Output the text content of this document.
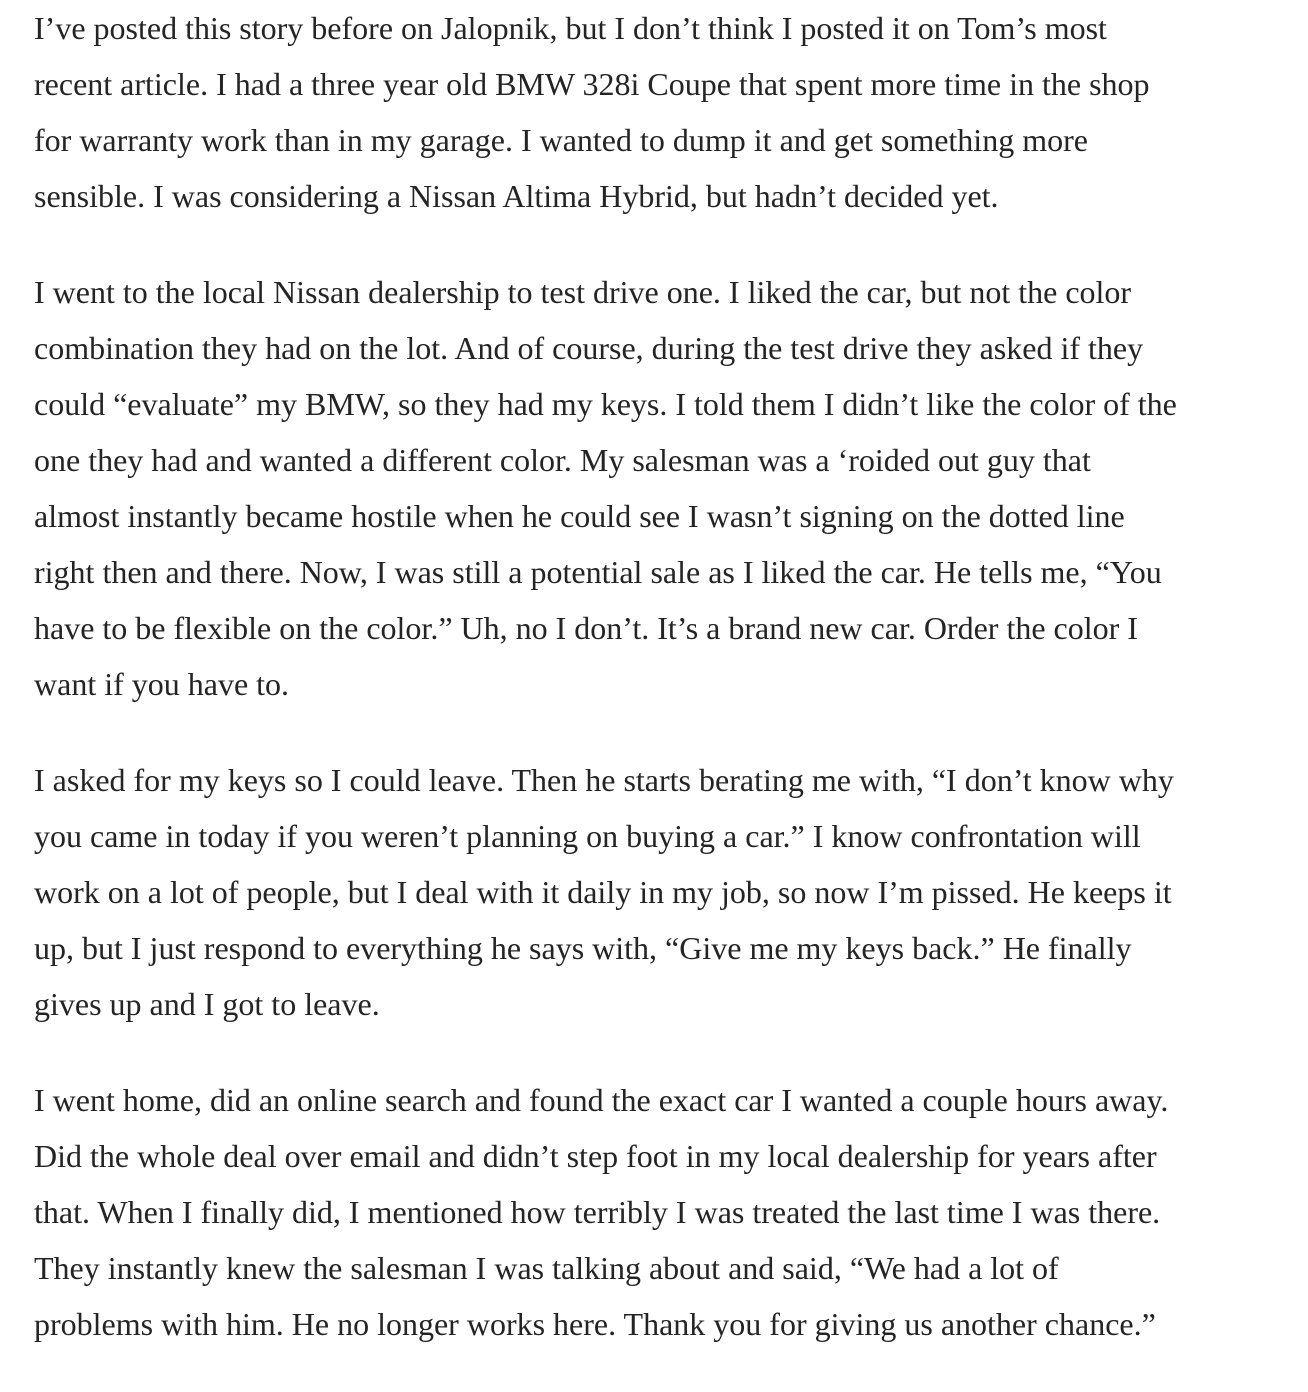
I’ve posted this story before on Jalopnik, but I don’t think I posted it on Tom’s most
recent article. I had a three year old BMW 328i Coupe that spent more time in the shop
for warranty work than in my garage. I wanted to dump it and get something more
sensible. I was considering a Nissan Altima Hybrid, but hadn’t decided yet.

I went to the local Nissan dealership to test drive one. I liked the car, but not the color
combination they had on the lot. And of course, during the test drive they asked if they
could “evaluate” my BMW, so they had my keys. I told them I didn’t like the color of the
one they had and wanted a different color. My salesman was a ‘roided out guy that
almost instantly became hostile when he could see I wasn’t signing on the dotted line
right then and there. Now, I was still a potential sale as I liked the car. He tells me, “You
have to be flexible on the color.” Uh, no I don’t. It’s a brand new car. Order the color I
want if you have to.

I asked for my keys so I could leave. Then he starts berating me with, “I don’t know why
you came in today if you weren’t planning on buying a car.” I know confrontation will
work on a lot of people, but I deal with it daily in my job, so now I’m pissed. He keeps it
up, but I just respond to everything he says with, “Give me my keys back.” He finally
gives up and I got to leave.

I went home, did an online search and found the exact car I wanted a couple hours away.
Did the whole deal over email and didn’t step foot in my local dealership for years after
that. When I finally did, I mentioned how terribly I was treated the last time I was there.
They instantly knew the salesman I was talking about and said, “We had a lot of
problems with him. He no longer works here. Thank you for giving us another chance.”
